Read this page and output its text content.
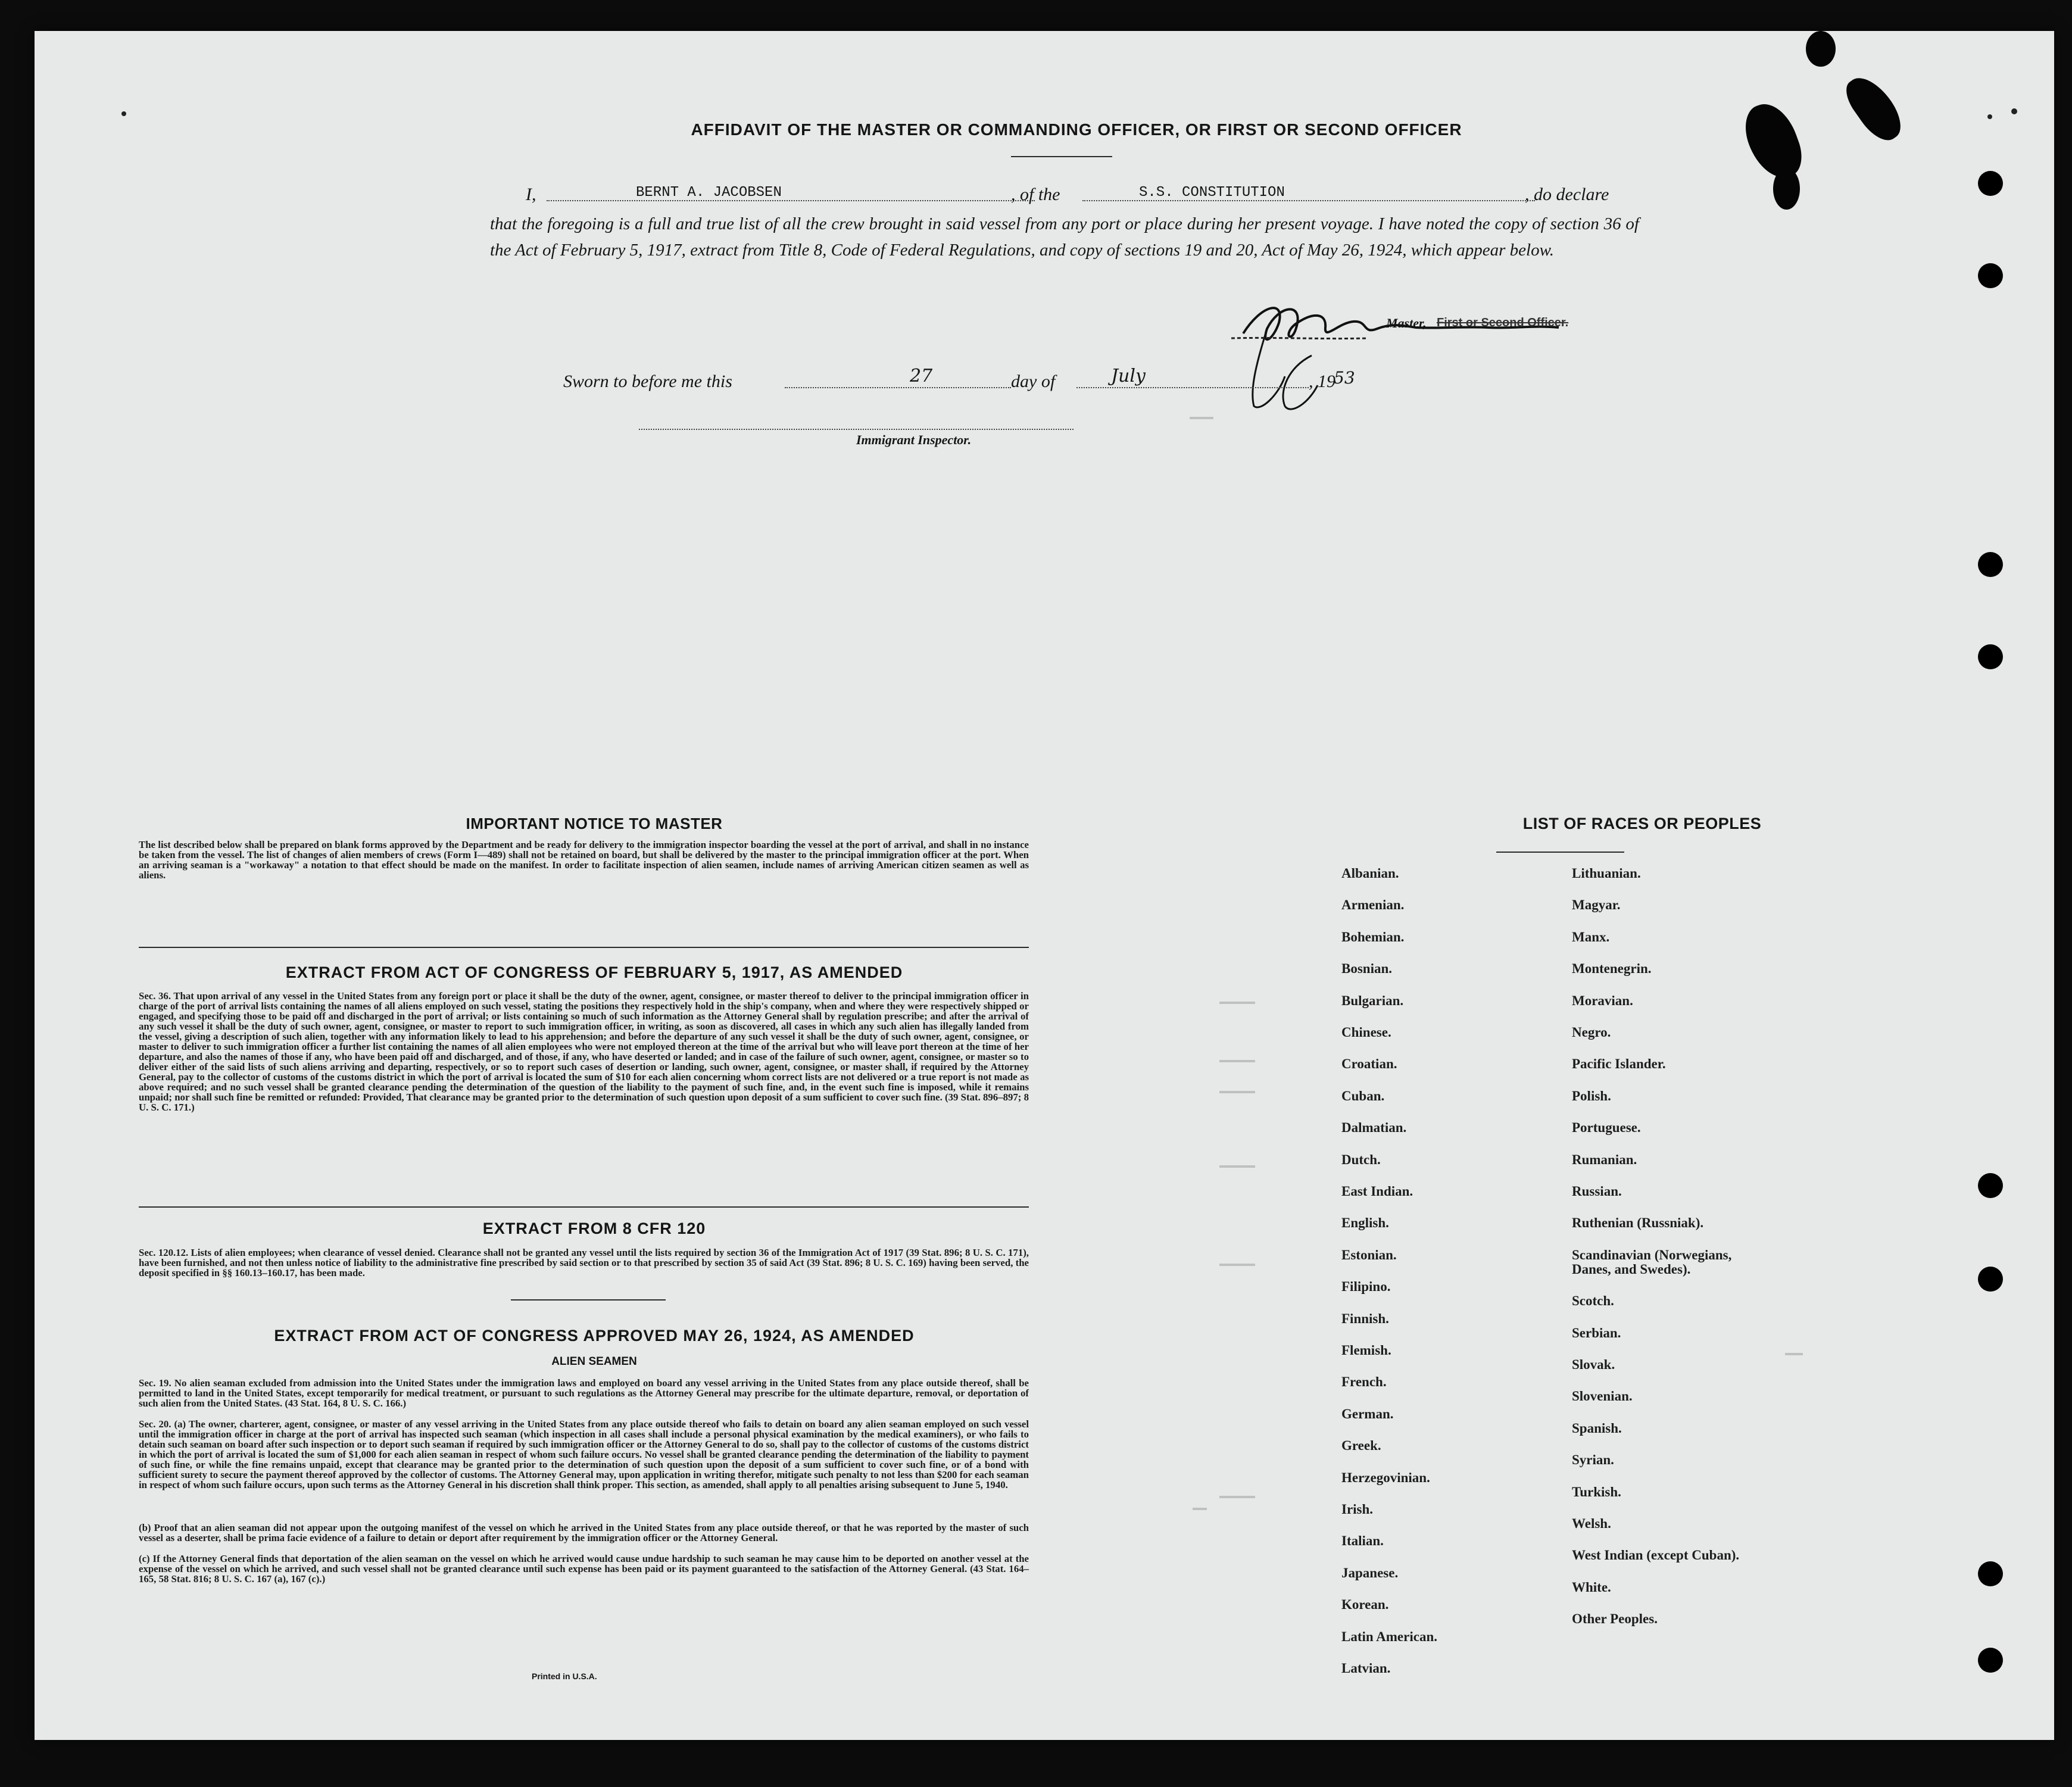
AFFIDAVIT OF THE MASTER OR COMMANDING OFFICER, OR FIRST OR SECOND OFFICER
I,	BERNT A. JACOBSEN	, of the	S.S. CONSTITUTION	, do declare
that the foregoing is a full and true list of all the crew brought in said vessel from any port or place during her present voyage. I have noted the copy of section 36 of the Act of February 5, 1917, extract from Title 8, Code of Federal Regulations, and copy of sections 19 and 20, Act of May 26, 1924, which appear below.
Master, First or Second Officer.
Sworn to before me this	27	day of	July	, 19
53
Immigrant Inspector.
IMPORTANT NOTICE TO MASTER
The list described below shall be prepared on blank forms approved by the Department and be ready for delivery to the immigration inspector boarding the vessel at the port of arrival, and shall in no instance be taken from the vessel. The list of changes of alien members of crews (Form I—489) shall not be retained on board, but shall be delivered by the master to the principal immigration officer at the port. When an arriving seaman is a "workaway" a notation to that effect should be made on the manifest. In order to facilitate inspection of alien seamen, include names of arriving American citizen seamen as well as aliens.
EXTRACT FROM ACT OF CONGRESS OF FEBRUARY 5, 1917, AS AMENDED
Sec. 36. That upon arrival of any vessel in the United States from any foreign port or place it shall be the duty of the owner, agent, consignee, or master thereof to deliver to the principal immigration officer in charge of the port of arrival lists containing the names of all aliens employed on such vessel, stating the positions they respectively hold in the ship's company, when and where they were respectively shipped or engaged, and specifying those to be paid off and discharged in the port of arrival; or lists containing so much of such information as the Attorney General shall by regulation prescribe; and after the arrival of any such vessel it shall be the duty of such owner, agent, consignee, or master to report to such immigration officer, in writing, as soon as discovered, all cases in which any such alien has illegally landed from the vessel, giving a description of such alien, together with any information likely to lead to his apprehension; and before the departure of any such vessel it shall be the duty of such owner, agent, consignee, or master to deliver to such immigration officer a further list containing the names of all alien employees who were not employed thereon at the time of the arrival but who will leave port thereon at the time of her departure, and also the names of those if any, who have been paid off and discharged, and of those, if any, who have deserted or landed; and in case of the failure of such owner, agent, consignee, or master so to deliver either of the said lists of such aliens arriving and departing, respectively, or so to report such cases of desertion or landing, such owner, agent, consignee, or master shall, if required by the Attorney General, pay to the collector of customs of the customs district in which the port of arrival is located the sum of $10 for each alien concerning whom correct lists are not delivered or a true report is not made as above required; and no such vessel shall be granted clearance pending the determination of the question of the liability to the payment of such fine, and, in the event such fine is imposed, while it remains unpaid; nor shall such fine be remitted or refunded: Provided, That clearance may be granted prior to the determination of such question upon deposit of a sum sufficient to cover such fine. (39 Stat. 896–897; 8 U. S. C. 171.)
EXTRACT FROM 8 CFR 120
Sec. 120.12. Lists of alien employees; when clearance of vessel denied. Clearance shall not be granted any vessel until the lists required by section 36 of the Immigration Act of 1917 (39 Stat. 896; 8 U. S. C. 171), have been furnished, and not then unless notice of liability to the administrative fine prescribed by said section or to that prescribed by section 35 of said Act (39 Stat. 896; 8 U. S. C. 169) having been served, the deposit specified in §§ 160.13–160.17, has been made.
EXTRACT FROM ACT OF CONGRESS APPROVED MAY 26, 1924, AS AMENDED
ALIEN SEAMEN
Sec. 19. No alien seaman excluded from admission into the United States under the immigration laws and employed on board any vessel arriving in the United States from any place outside thereof, shall be permitted to land in the United States, except temporarily for medical treatment, or pursuant to such regulations as the Attorney General may prescribe for the ultimate departure, removal, or deportation of such alien from the United States. (43 Stat. 164, 8 U. S. C. 166.)
Sec. 20. (a) The owner, charterer, agent, consignee, or master of any vessel arriving in the United States from any place outside thereof who fails to detain on board any alien seaman employed on such vessel until the immigration officer in charge at the port of arrival has inspected such seaman (which inspection in all cases shall include a personal physical examination by the medical examiners), or who fails to detain such seaman on board after such inspection or to deport such seaman if required by such immigration officer or the Attorney General to do so, shall pay to the collector of customs of the customs district in which the port of arrival is located the sum of $1,000 for each alien seaman in respect of whom such failure occurs. No vessel shall be granted clearance pending the determination of the liability to payment of such fine, or while the fine remains unpaid, except that clearance may be granted prior to the determination of such question upon the deposit of a sum sufficient to cover such fine, or of a bond with sufficient surety to secure the payment thereof approved by the collector of customs. The Attorney General may, upon application in writing therefor, mitigate such penalty to not less than $200 for each seaman in respect of whom such failure occurs, upon such terms as the Attorney General in his discretion shall think proper. This section, as amended, shall apply to all penalties arising subsequent to June 5, 1940.
(b) Proof that an alien seaman did not appear upon the outgoing manifest of the vessel on which he arrived in the United States from any place outside thereof, or that he was reported by the master of such vessel as a deserter, shall be prima facie evidence of a failure to detain or deport after requirement by the immigration officer or the Attorney General.
(c) If the Attorney General finds that deportation of the alien seaman on the vessel on which he arrived would cause undue hardship to such seaman he may cause him to be deported on another vessel at the expense of the vessel on which he arrived, and such vessel shall not be granted clearance until such expense has been paid or its payment guaranteed to the satisfaction of the Attorney General. (43 Stat. 164–165, 58 Stat. 816; 8 U. S. C. 167 (a), 167 (c).)
Printed in U.S.A.
LIST OF RACES OR PEOPLES
Albanian.
Armenian.
Bohemian.
Bosnian.
Bulgarian.
Chinese.
Croatian.
Cuban.
Dalmatian.
Dutch.
East Indian.
English.
Estonian.
Filipino.
Finnish.
Flemish.
French.
German.
Greek.
Herzegovinian.
Irish.
Italian.
Japanese.
Korean.
Latin American.
Latvian.
Lithuanian.
Magyar.
Manx.
Montenegrin.
Moravian.
Negro.
Pacific Islander.
Polish.
Portuguese.
Rumanian.
Russian.
Ruthenian (Russniak).
Scandinavian (Norwegians,
Danes, and Swedes).
Scotch.
Serbian.
Slovak.
Slovenian.
Spanish.
Syrian.
Turkish.
Welsh.
West Indian (except Cuban).
White.
Other Peoples.
